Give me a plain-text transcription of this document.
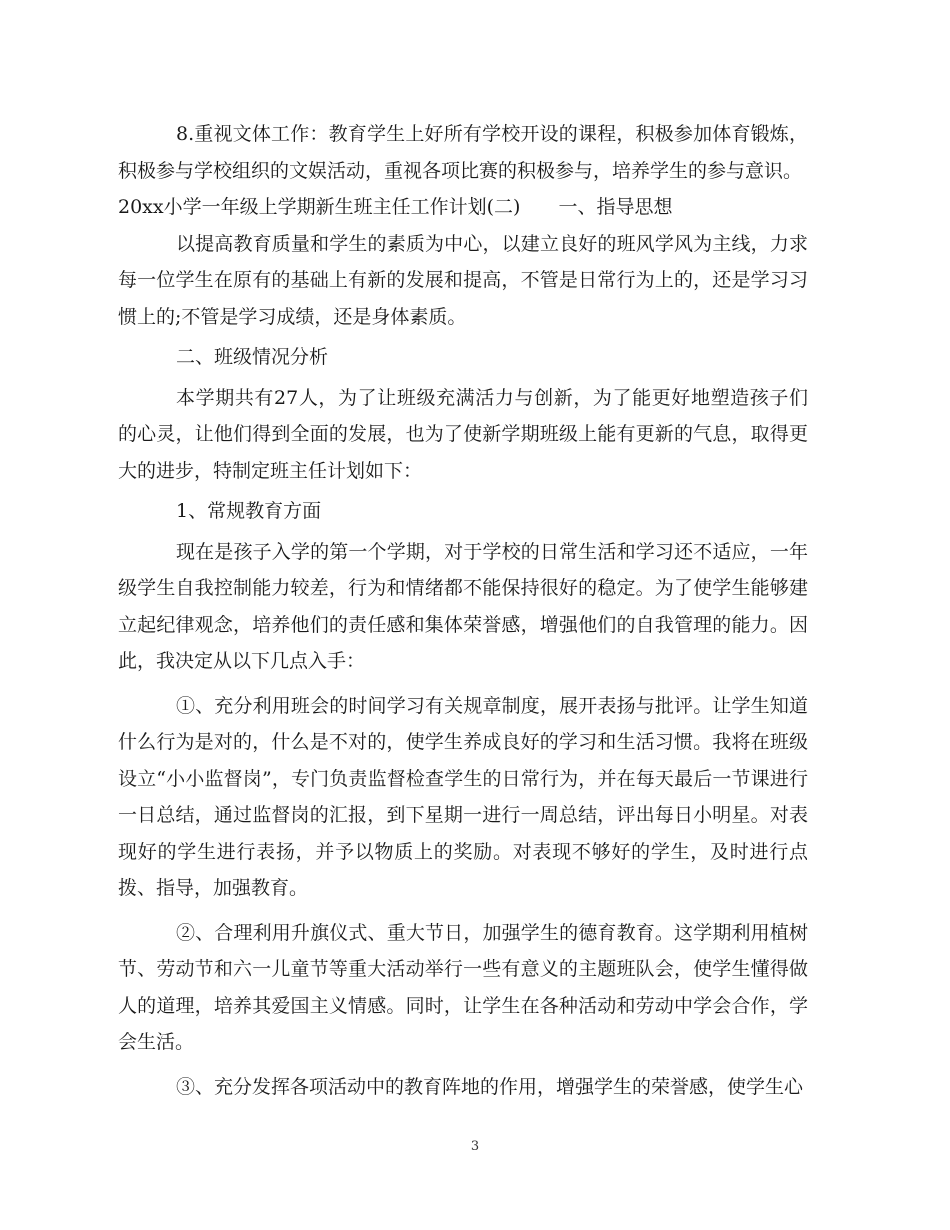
8.重视文体工作：教育学生上好所有学校开设的课程，积极参加体育锻炼，积极参与学校组织的文娱活动，重视各项比赛的积极参与，培养学生的参与意识。

20xx小学一年级上学期新生班主任工作计划(二) 一、指导思想

以提高教育质量和学生的素质为中心，以建立良好的班风学风为主线，力求每一位学生在原有的基础上有新的发展和提高，不管是日常行为上的，还是学习习惯上的;不管是学习成绩，还是身体素质。

二、班级情况分析

本学期共有27人，为了让班级充满活力与创新，为了能更好地塑造孩子们的心灵，让他们得到全面的发展，也为了使新学期班级上能有更新的气息，取得更大的进步，特制定班主任计划如下：

1、常规教育方面

现在是孩子入学的第一个学期，对于学校的日常生活和学习还不适应，一年级学生自我控制能力较差，行为和情绪都不能保持很好的稳定。为了使学生能够建立起纪律观念，培养他们的责任感和集体荣誉感，增强他们的自我管理的能力。因此，我决定从以下几点入手：

①、充分利用班会的时间学习有关规章制度，展开表扬与批评。让学生知道什么行为是对的，什么是不对的，使学生养成良好的学习和生活习惯。我将在班级设立“小小监督岗”，专门负责监督检查学生的日常行为，并在每天最后一节课进行一日总结，通过监督岗的汇报，到下星期一进行一周总结，评出每日小明星。对表现好的学生进行表扬，并予以物质上的奖励。对表现不够好的学生，及时进行点拨、指导，加强教育。

②、合理利用升旗仪式、重大节日，加强学生的德育教育。这学期利用植树节、劳动节和六一儿童节等重大活动举行一些有意义的主题班队会，使学生懂得做人的道理，培养其爱国主义情感。同时，让学生在各种活动和劳动中学会合作，学会生活。

③、充分发挥各项活动中的教育阵地的作用，增强学生的荣誉感，使学生心

3
